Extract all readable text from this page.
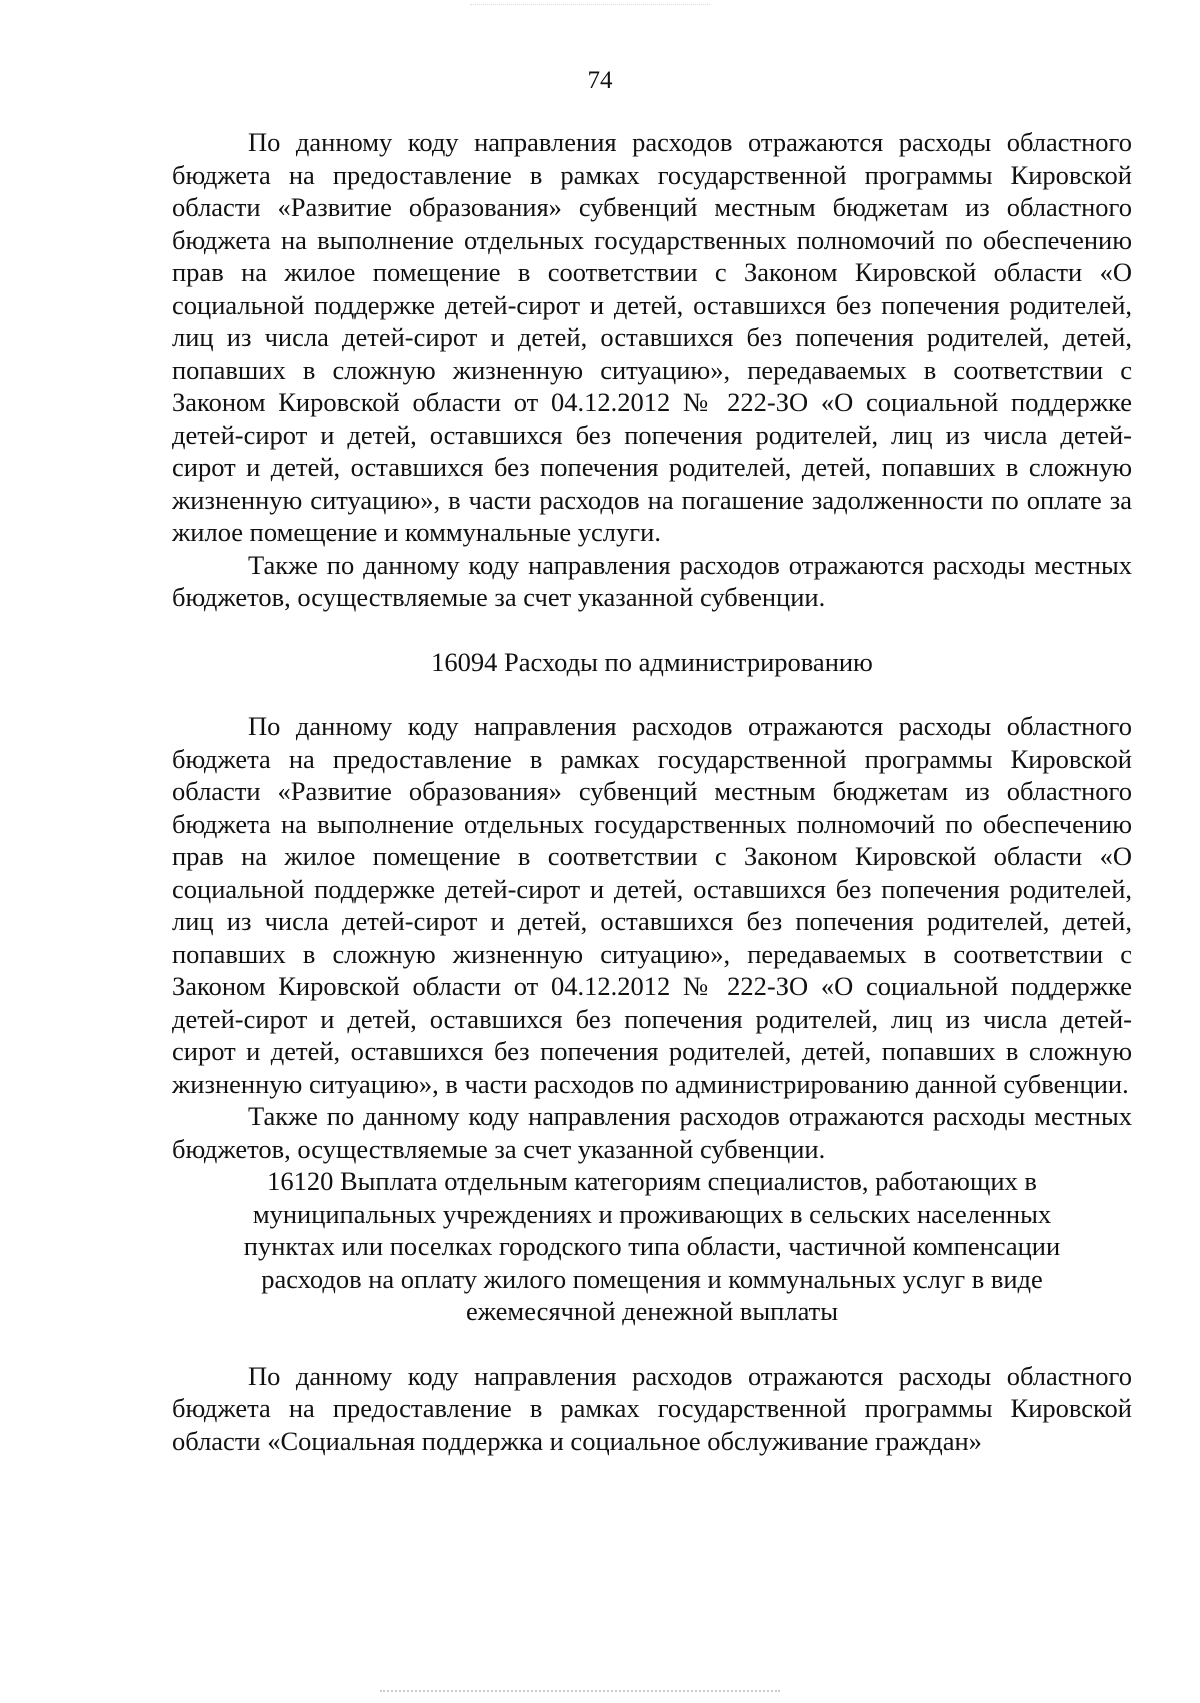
74

По данному коду направления расходов отражаются расходы областного бюджета на предоставление в рамках государственной программы Кировской области «Развитие образования» субвенций местным бюджетам из областного бюджета на выполнение отдельных государственных полномочий по обеспечению прав на жилое помещение в соответствии с Законом Кировской области «О социальной поддержке детей-сирот и детей, оставшихся без попечения родителей, лиц из числа детей-сирот и детей, оставшихся без попечения родителей, детей, попавших в сложную жизненную ситуацию», передаваемых в соответствии с Законом Кировской области от 04.12.2012 № 222-ЗО «О социальной поддержке детей-сирот и детей, оставшихся без попечения родителей, лиц из числа детей-сирот и детей, оставшихся без попечения родителей, детей, попавших в сложную жизненную ситуацию», в части расходов на погашение задолженности по оплате за жилое помещение и коммунальные услуги.

Также по данному коду направления расходов отражаются расходы местных бюджетов, осуществляемые за счет указанной субвенции.

16094 Расходы по администрированию

По данному коду направления расходов отражаются расходы областного бюджета на предоставление в рамках государственной программы Кировской области «Развитие образования» субвенций местным бюджетам из областного бюджета на выполнение отдельных государственных полномочий по обеспечению прав на жилое помещение в соответствии с Законом Кировской области «О социальной поддержке детей-сирот и детей, оставшихся без попечения родителей, лиц из числа детей-сирот и детей, оставшихся без попечения родителей, детей, попавших в сложную жизненную ситуацию», передаваемых в соответствии с Законом Кировской области от 04.12.2012 № 222-ЗО «О социальной поддержке детей-сирот и детей, оставшихся без попечения родителей, лиц из числа детей-сирот и детей, оставшихся без попечения родителей, детей, попавших в сложную жизненную ситуацию», в части расходов по администрированию данной субвенции.

Также по данному коду направления расходов отражаются расходы местных бюджетов, осуществляемые за счет указанной субвенции.

16120 Выплата отдельным категориям специалистов, работающих в муниципальных учреждениях и проживающих в сельских населенных пунктах или поселках городского типа области, частичной компенсации расходов на оплату жилого помещения и коммунальных услуг в виде ежемесячной денежной выплаты

По данному коду направления расходов отражаются расходы областного бюджета на предоставление в рамках государственной программы Кировской области «Социальная поддержка и социальное обслуживание граждан»
